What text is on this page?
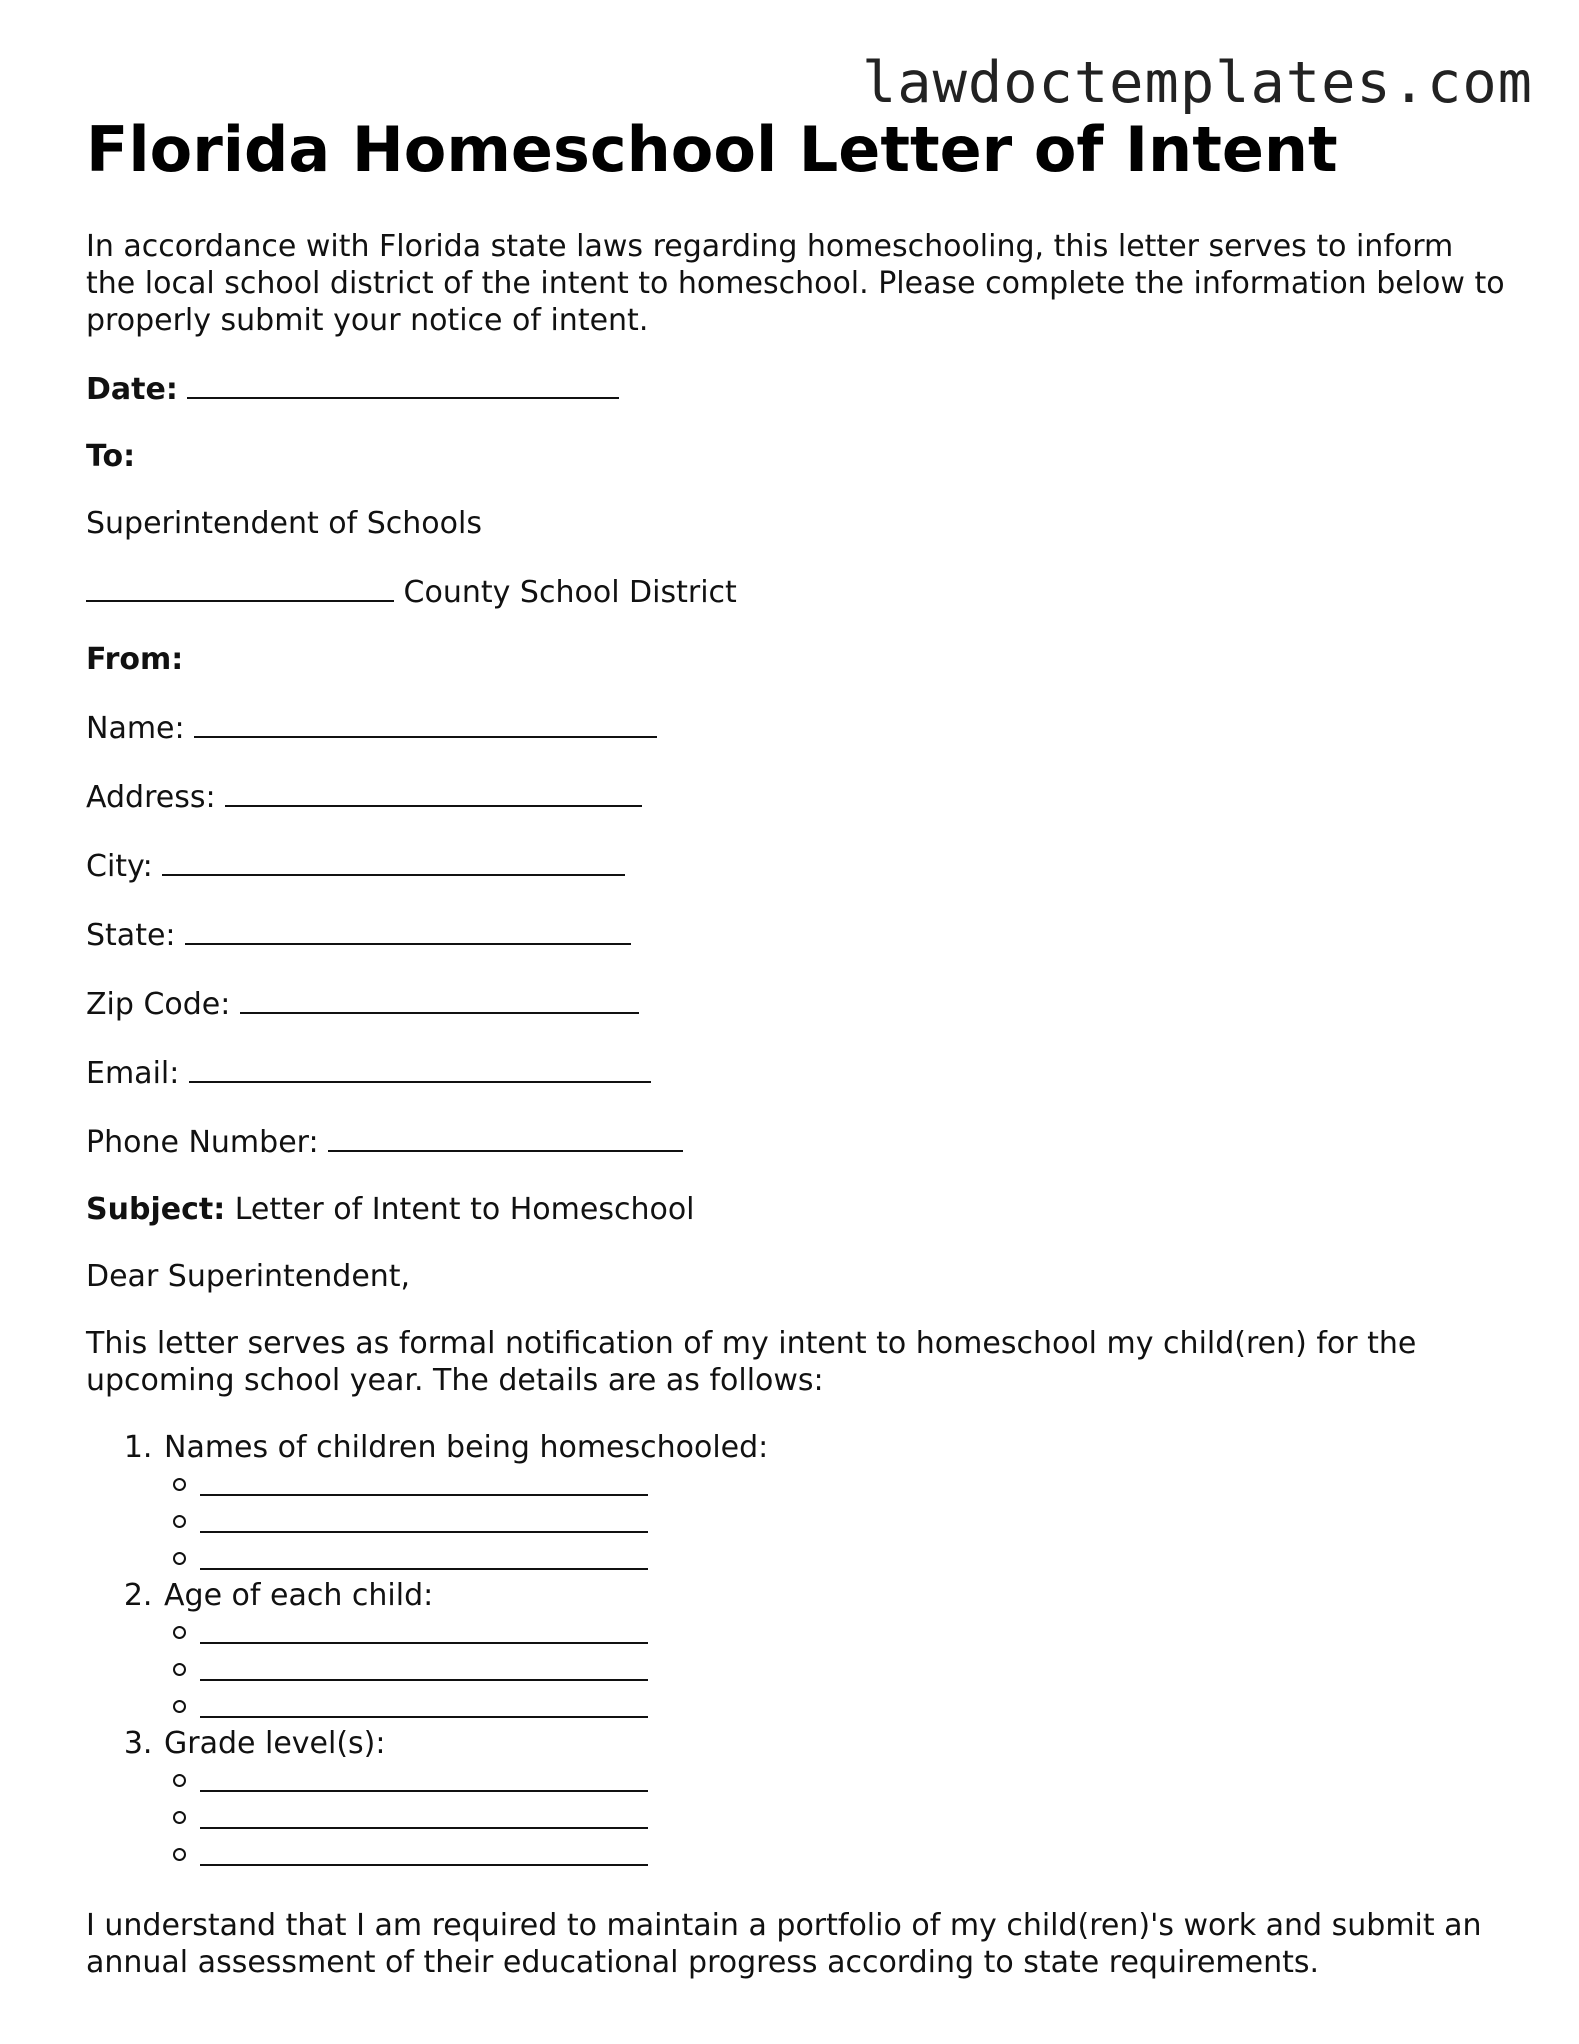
lawdoctemplates.com
Florida Homeschool Letter of Intent

In accordance with Florida state laws regarding homeschooling, this letter serves to inform the local school district of the intent to homeschool. Please complete the information below to properly submit your notice of intent.

Date:

To:

Superintendent of Schools

County School District

From:

Name:

Address:

City:

State:

Zip Code:

Email:

Phone Number:

Subject: Letter of Intent to Homeschool

Dear Superintendent,

This letter serves as formal notification of my intent to homeschool my child(ren) for the upcoming school year. The details are as follows:

1. Names of children being homeschooled:
2. Age of each child:
3. Grade level(s):

I understand that I am required to maintain a portfolio of my child(ren)'s work and submit an annual assessment of their educational progress according to state requirements.
